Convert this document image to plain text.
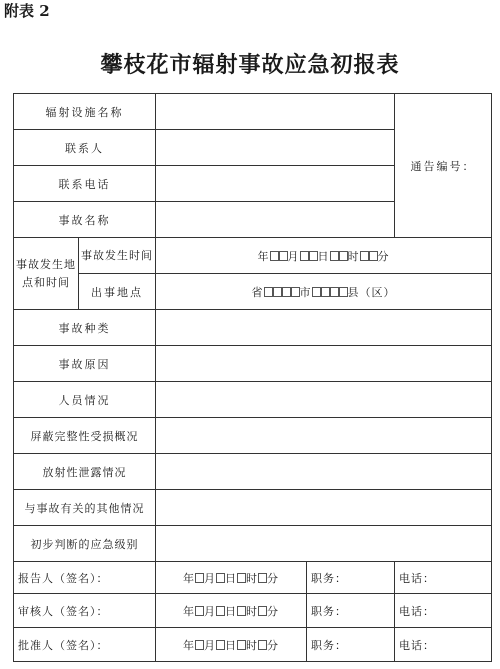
附表 2
攀枝花市辐射事故应急初报表
辐射设施名称				通告编号：
联系人				
联系电话				
事故名称				
事故发生地点和时间	事故发生时间	年 月 日 时 分		
	出事地点	省 市 县（区）		
事故种类				
事故原因				
人员情况				
屏蔽完整性受损概况				
放射性泄露情况				
与事故有关的其他情况				
初步判断的应急级别				
报告人（签名）：		年 月 日 时 分	职务：	电话：
审核人（签名）：		年 月 日 时 分	职务：	电话：
批准人（签名）：		年 月 日 时 分	职务：	电话：
